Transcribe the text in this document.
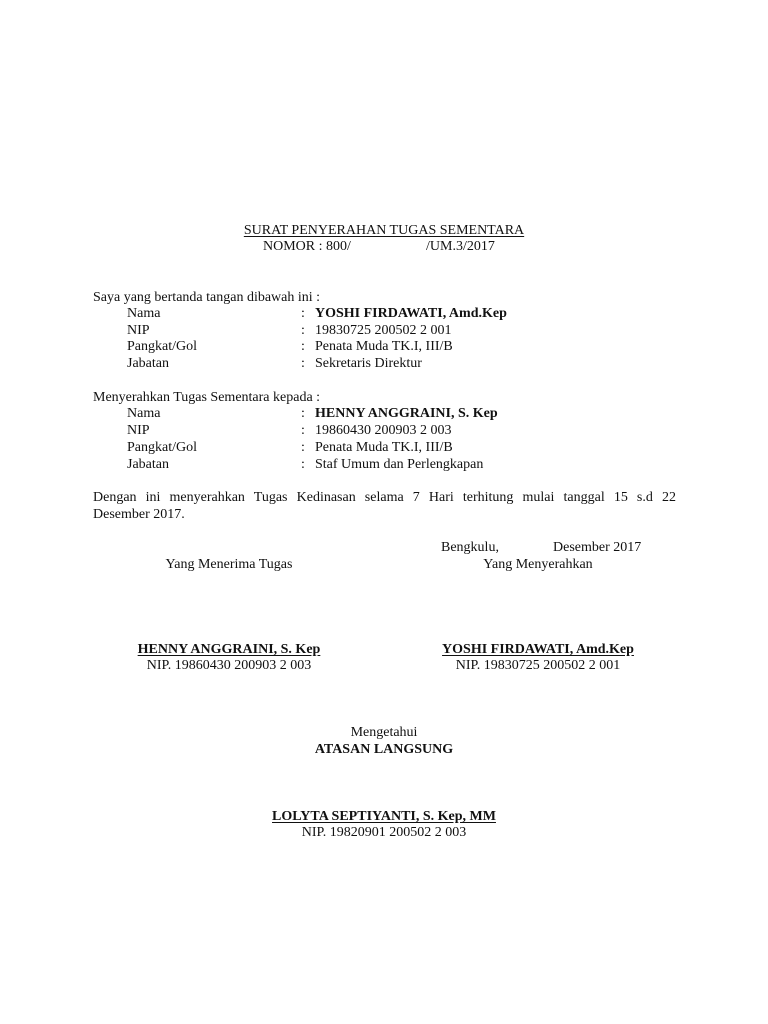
SURAT PENYERAHAN TUGAS SEMENTARA
NOMOR : 800/	/UM.3/2017
Saya yang bertanda tangan dibawah ini :
Nama	: YOSHI FIRDAWATI, Amd.Kep
NIP	: 19830725 200502 2 001
Pangkat/Gol	: Penata Muda TK.I, III/B
Jabatan	: Sekretaris Direktur
Menyerahkan Tugas Sementara kepada :
Nama	: HENNY ANGGRAINI, S. Kep
NIP	: 19860430 200903 2 003
Pangkat/Gol	: Penata Muda TK.I, III/B
Jabatan	: Staf Umum dan Perlengkapan
Dengan ini menyerahkan Tugas Kedinasan selama 7 Hari terhitung mulai tanggal 15 s.d 22
Desember 2017.
Bengkulu,	Desember 2017
Yang Menerima Tugas	Yang Menyerahkan
HENNY ANGGRAINI, S. Kep	YOSHI FIRDAWATI, Amd.Kep
NIP. 19860430 200903 2 003	NIP. 19830725 200502 2 001
Mengetahui
ATASAN LANGSUNG
LOLYTA SEPTIYANTI, S. Kep, MM
NIP. 19820901 200502 2 003
